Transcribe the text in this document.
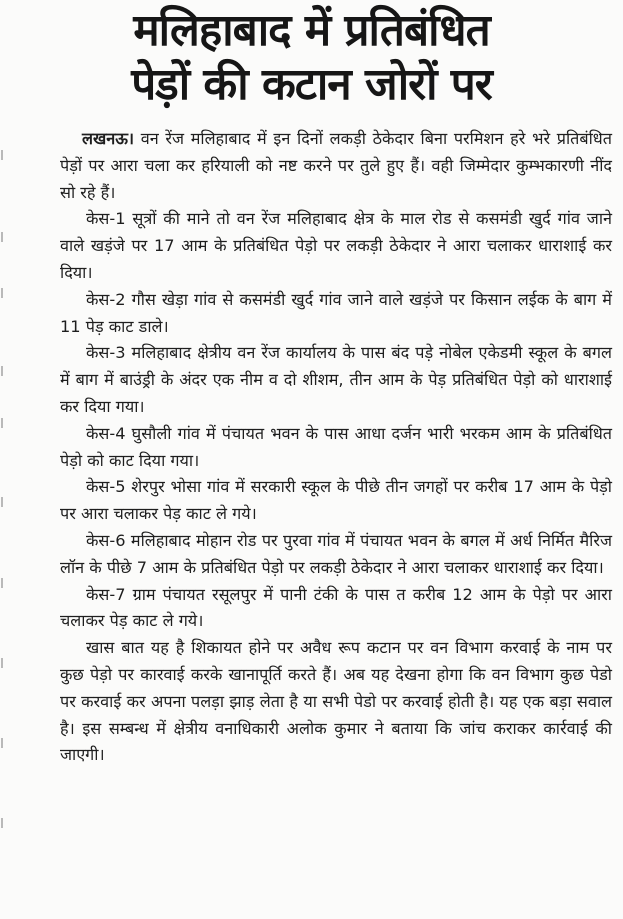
मलिहाबाद में प्रतिबंधित
पेड़ों की कटान जोरों पर

लखनऊ। वन रेंज मलिहाबाद में इन दिनों लकड़ी ठेकेदार बिना परमिशन हरे भरे प्रतिबंधित पेड़ों पर आरा चला कर हरियाली को नष्ट करने पर तुले हुए हैं। वही जिम्मेदार कुम्भकारणी नींद सो रहे हैं।

केस-1 सूत्रों की माने तो वन रेंज मलिहाबाद क्षेत्र के माल रोड से कसमंडी खुर्द गांव जाने वाले खड़ंजे पर 17 आम के प्रतिबंधित पेड़ो पर लकड़ी ठेकेदार ने आरा चलाकर धाराशाई कर दिया।

केस-2 गौस खेड़ा गांव से कसमंडी खुर्द गांव जाने वाले खड़ंजे पर किसान लईक के बाग में 11 पेड़ काट डाले।

केस-3 मलिहाबाद क्षेत्रीय वन रेंज कार्यालय के पास बंद पड़े नोबेल एकेडमी स्कूल के बगल में बाग में बाउंड्री के अंदर एक नीम व दो शीशम, तीन आम के पेड़ प्रतिबंधित पेड़ो को धाराशाई कर दिया गया।

केस-4 घुसौली गांव में पंचायत भवन के पास आधा दर्जन भारी भरकम आम के प्रतिबंधित पेड़ो को काट दिया गया।

केस-5 शेरपुर भोसा गांव में सरकारी स्कूल के पीछे तीन जगहों पर करीब 17 आम के पेड़ो पर आरा चलाकर पेड़ काट ले गये।

केस-6 मलिहाबाद मोहान रोड पर पुरवा गांव में पंचायत भवन के बगल में अर्ध निर्मित मैरिज लॉन के पीछे 7 आम के प्रतिबंधित पेड़ो पर लकड़ी ठेकेदार ने आरा चलाकर धाराशाई कर दिया।

केस-7 ग्राम पंचायत रसूलपुर में पानी टंकी के पास त करीब 12 आम के पेड़ो पर आरा चलाकर पेड़ काट ले गये।

खास बात यह है शिकायत होने पर अवैध रूप कटान पर वन विभाग करवाई के नाम पर कुछ पेड़ो पर कारवाई करके खानापूर्ति करते हैं। अब यह देखना होगा कि वन विभाग कुछ पेडो पर करवाई कर अपना पलड़ा झाड़ लेता है या सभी पेडो पर करवाई होती है। यह एक बड़ा सवाल है। इस सम्बन्ध में क्षेत्रीय वनाधिकारी अलोक कुमार ने बताया कि जांच कराकर कार्रवाई की जाएगी।
